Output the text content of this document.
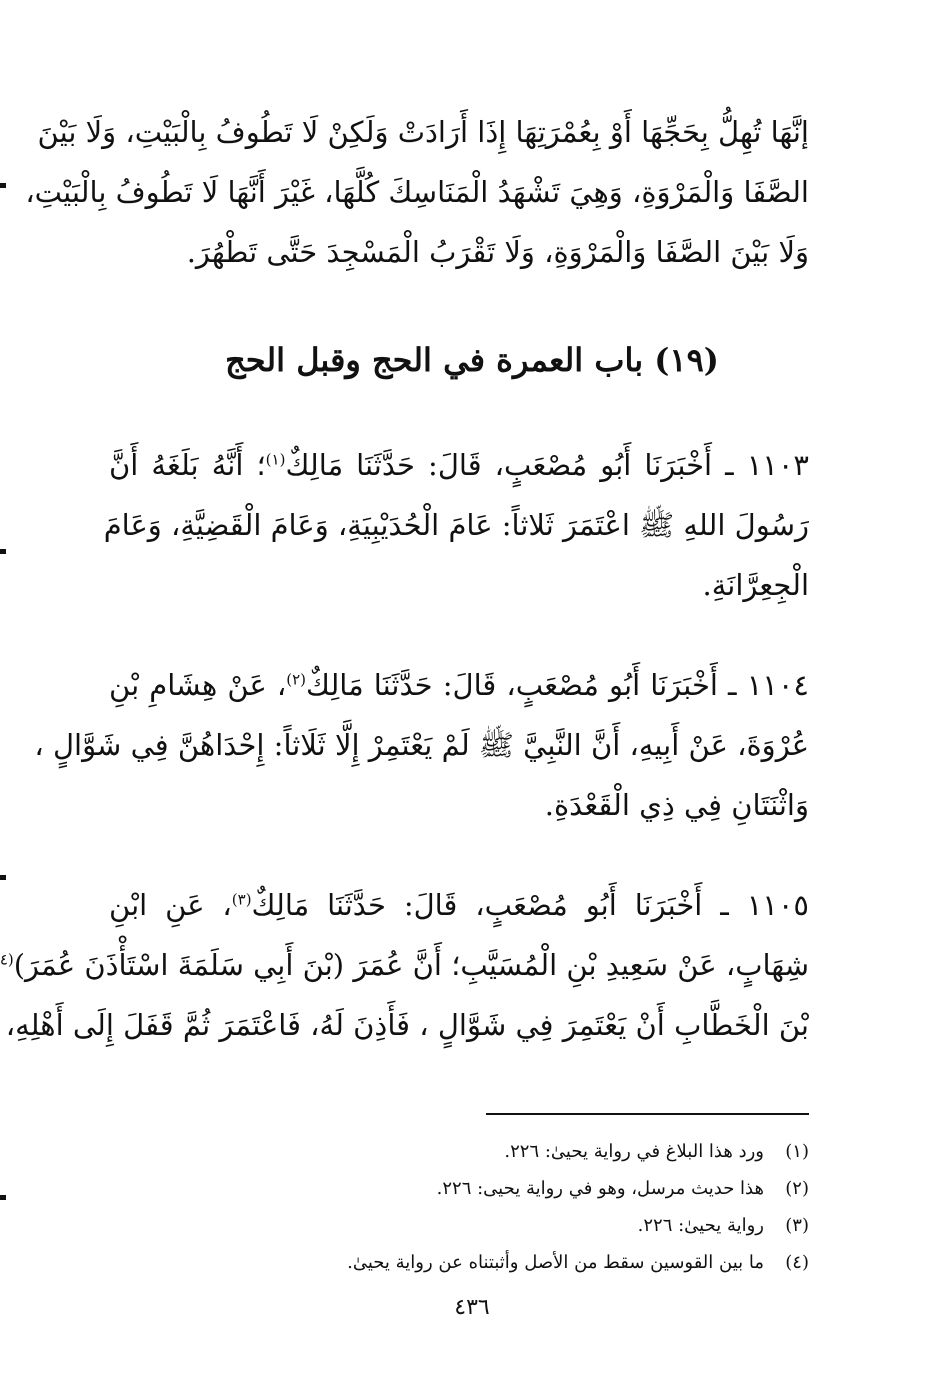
إنَّهَا تُهِلُّ بِحَجِّهَا أَوْ بِعُمْرَتِهَا إِذَا أَرَادَتْ وَلَكِنْ لَا تَطُوفُ بِالْبَيْتِ، وَلَا بَيْنَ
الصَّفَا وَالْمَرْوَةِ، وَهِيَ تَشْهَدُ الْمَنَاسِكَ كُلَّهَا، غَيْرَ أَنَّهَا لَا تَطُوفُ بِالْبَيْتِ،
وَلَا بَيْنَ الصَّفَا وَالْمَرْوَةِ، وَلَا تَقْرَبُ الْمَسْجِدَ حَتَّى تَطْهُرَ.
(١٩) باب العمرة في الحج وقبل الحج
١١٠٣ ـ أَخْبَرَنَا أَبُو مُصْعَبٍ، قَالَ: حَدَّثَنَا مَالِكٌ$^{(١)}$؛ أَنَّهُ بَلَغَهُ أَنَّ
رَسُولَ اللهِ ﷺ اعْتَمَرَ ثَلاثاً: عَامَ الْحُدَيْبِيَةِ، وَعَامَ الْقَضِيَّةِ، وَعَامَ
الْجِعِرَّانَةِ.
١١٠٤ ـ أَخْبَرَنَا أَبُو مُصْعَبٍ، قَالَ: حَدَّثَنَا مَالِكٌ$^{(٢)}$، عَنْ هِشَامِ بْنِ
عُرْوَةَ، عَنْ أَبِيهِ، أَنَّ النَّبِيَّ ﷺ لَمْ يَعْتَمِرْ إِلَّا ثَلَاثاً: إِحْدَاهُنَّ فِي شَوَّالٍ ،
وَاثْنَتَانِ فِي ذِي الْقَعْدَةِ.
١١٠٥ ـ أَخْبَرَنَا أَبُو مُصْعَبٍ، قَالَ: حَدَّثَنَا مَالِكٌ$^{(٣)}$، عَنِ ابْنِ
شِهَابٍ، عَنْ سَعِيدِ بْنِ الْمُسَيَّبِ؛ أَنَّ عُمَرَ (بْنَ أَبِي سَلَمَةَ اسْتَأْذَنَ عُمَرَ)$^{(٤}$
بْنَ الْخَطَّابِ أَنْ يَعْتَمِرَ فِي شَوَّالٍ ، فَأَذِنَ لَهُ، فَاعْتَمَرَ ثُمَّ قَفَلَ إِلَى أَهْلِهِ،
(١)
ورد هذا البلاغ في رواية يحيىٰ: ٢٢٦.
(٢)
هذا حديث مرسل، وهو في رواية يحيى: ٢٢٦.
(٣)
رواية يحيىٰ: ٢٢٦.
(٤)
ما بين القوسين سقط من الأصل وأثبتناه عن رواية يحيىٰ.
٤٣٦
